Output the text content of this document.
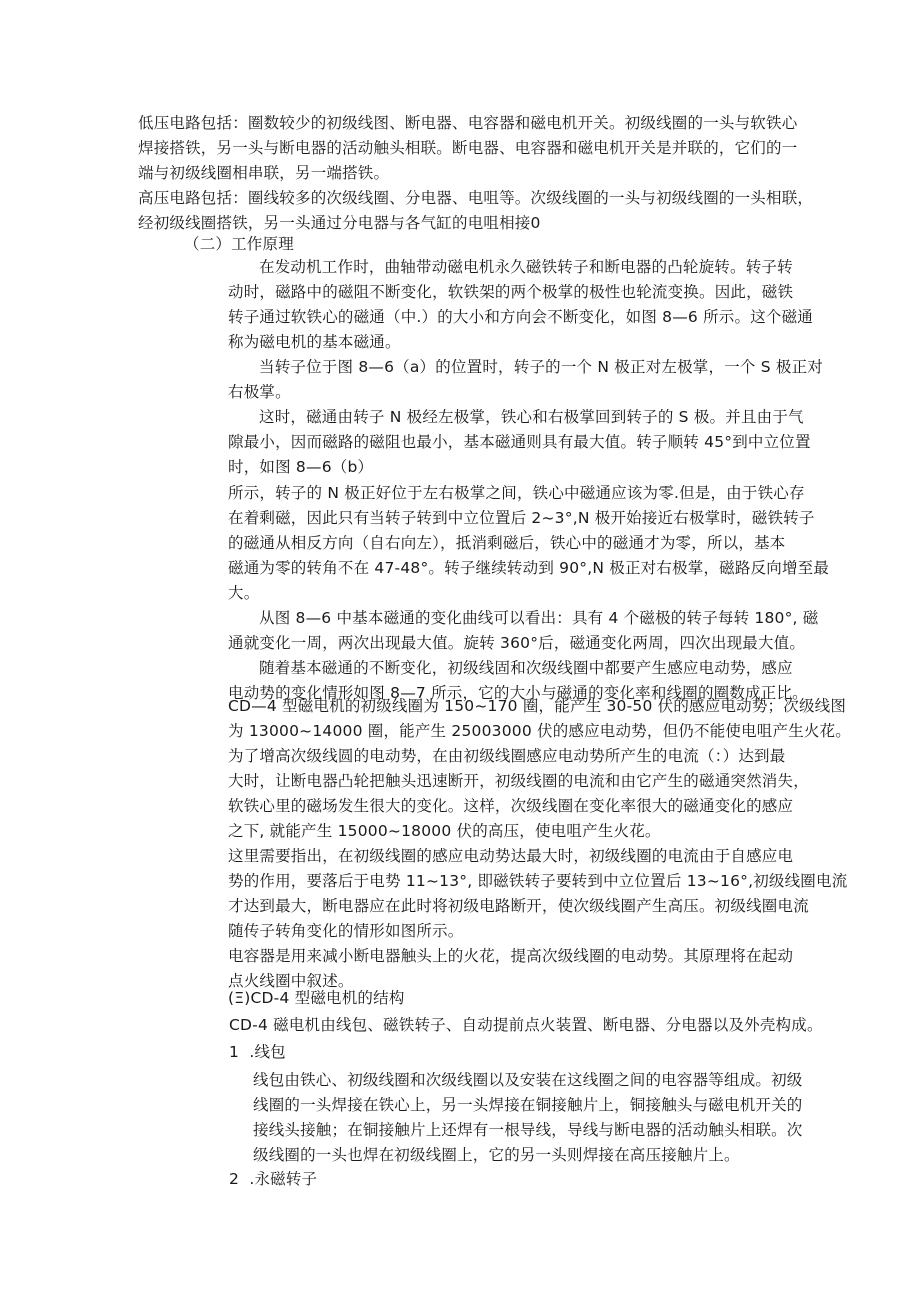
低压电路包括：圈数较少的初级线图、断电器、电容器和磁电机开关。初级线圈的一头与软铁心

焊接搭铁，另一头与断电器的活动触头相联。断电器、电容器和磁电机开关是并联的，它们的一

端与初级线圈相串联，另一端搭铁。

高压电路包括：圈线较多的次级线圈、分电器、电咀等。次级线圈的一头与初级线圈的一头相联，

经初级线圈搭铁，另一头通过分电器与各气缸的电咀相接0

（二）工作原理

在发动机工作时，曲轴带动磁电机永久磁铁转子和断电器的凸轮旋转。转子转

动时，磁路中的磁阻不断变化，软铁架的两个极掌的极性也轮流变换。因此，磁铁

转子通过软铁心的磁通（中.）的大小和方向会不断变化，如图 8—6 所示。这个磁通

称为磁电机的基本磁通。

当转子位于图 8—6（a）的位置时，转子的一个 N 极正对左极掌，一个 S 极正对

右极掌。

这时，磁通由转子 N 极经左极掌，铁心和右极掌回到转子的 S 极。并且由于气

隙最小，因而磁路的磁阻也最小，基本磁通则具有最大值。转子顺转 45°到中立位置

时，如图 8—6（b）

所示，转子的 N 极正好位于左右极掌之间，铁心中磁通应该为零.但是，由于铁心存

在着剩磁，因此只有当转子转到中立位置后 2~3°,N 极开始接近右极掌时，磁铁转子

的磁通从相反方向（自右向左），抵消剩磁后，铁心中的磁通才为零，所以，基本

磁通为零的转角不在 47-48°。转子继续转动到 90°,N 极正对右极掌，磁路反向增至最

大。

从图 8—6 中基本磁通的变化曲线可以看出：具有 4 个磁极的转子每转 180°, 磁

通就变化一周，两次出现最大值。旋转 360°后，磁通变化两周，四次出现最大值。

随着基本磁通的不断变化，初级线固和次级线圈中都要产生感应电动势，感应

电动势的变化情形如图 8—7 所示，它的大小与磁通的变化率和线圈的圈数成正比。

CD—4 型磁电机的初级线圈为 150~170 圈，能产生 30-50 伏的感应电动势；次级线图

为 13000~14000 圈，能产生 25003000 伏的感应电动势，但仍不能使电咀产生火花。

为了增高次级线圆的电动势，在由初级线圈感应电动势所产生的电流（：）达到最

大时，让断电器凸轮把触头迅速断开，初级线圈的电流和由它产生的磁通突然消失，

软铁心里的磁场发生很大的变化。这样，次级线圈在变化率很大的磁通变化的感应

之下, 就能产生 15000~18000 伏的高压，使电咀产生火花。

这里需要指出，在初级线圈的感应电动势达最大时，初级线圈的电流由于自感应电

势的作用，要落后于电势 11~13°, 即磁铁转子要转到中立位置后 13~16°,初级线圈电流

才达到最大，断电器应在此时将初级电路断开，使次级线圈产生高压。初级线圈电流

随传子转角变化的情形如图所示。

电容器是用来减小断电器触头上的火花，提高次级线圈的电动势。其原理将在起动

点火线圈中叙述。

(Ξ)CD-4 型磁电机的结构

CD-4 磁电机由线包、磁铁转子、自动提前点火装置、断电器、分电器以及外壳构成。

1  .线包

线包由铁心、初级线圈和次级线圈以及安装在这线圈之间的电容器等组成。初级

线圈的一头焊接在铁心上，另一头焊接在铜接触片上，铜接触头与磁电机开关的

接线头接触；在铜接触片上还焊有一根导线，导线与断电器的活动触头相联。次

级线圈的一头也焊在初级线圈上，它的另一头则焊接在高压接触片上。

2  .永磁转子
